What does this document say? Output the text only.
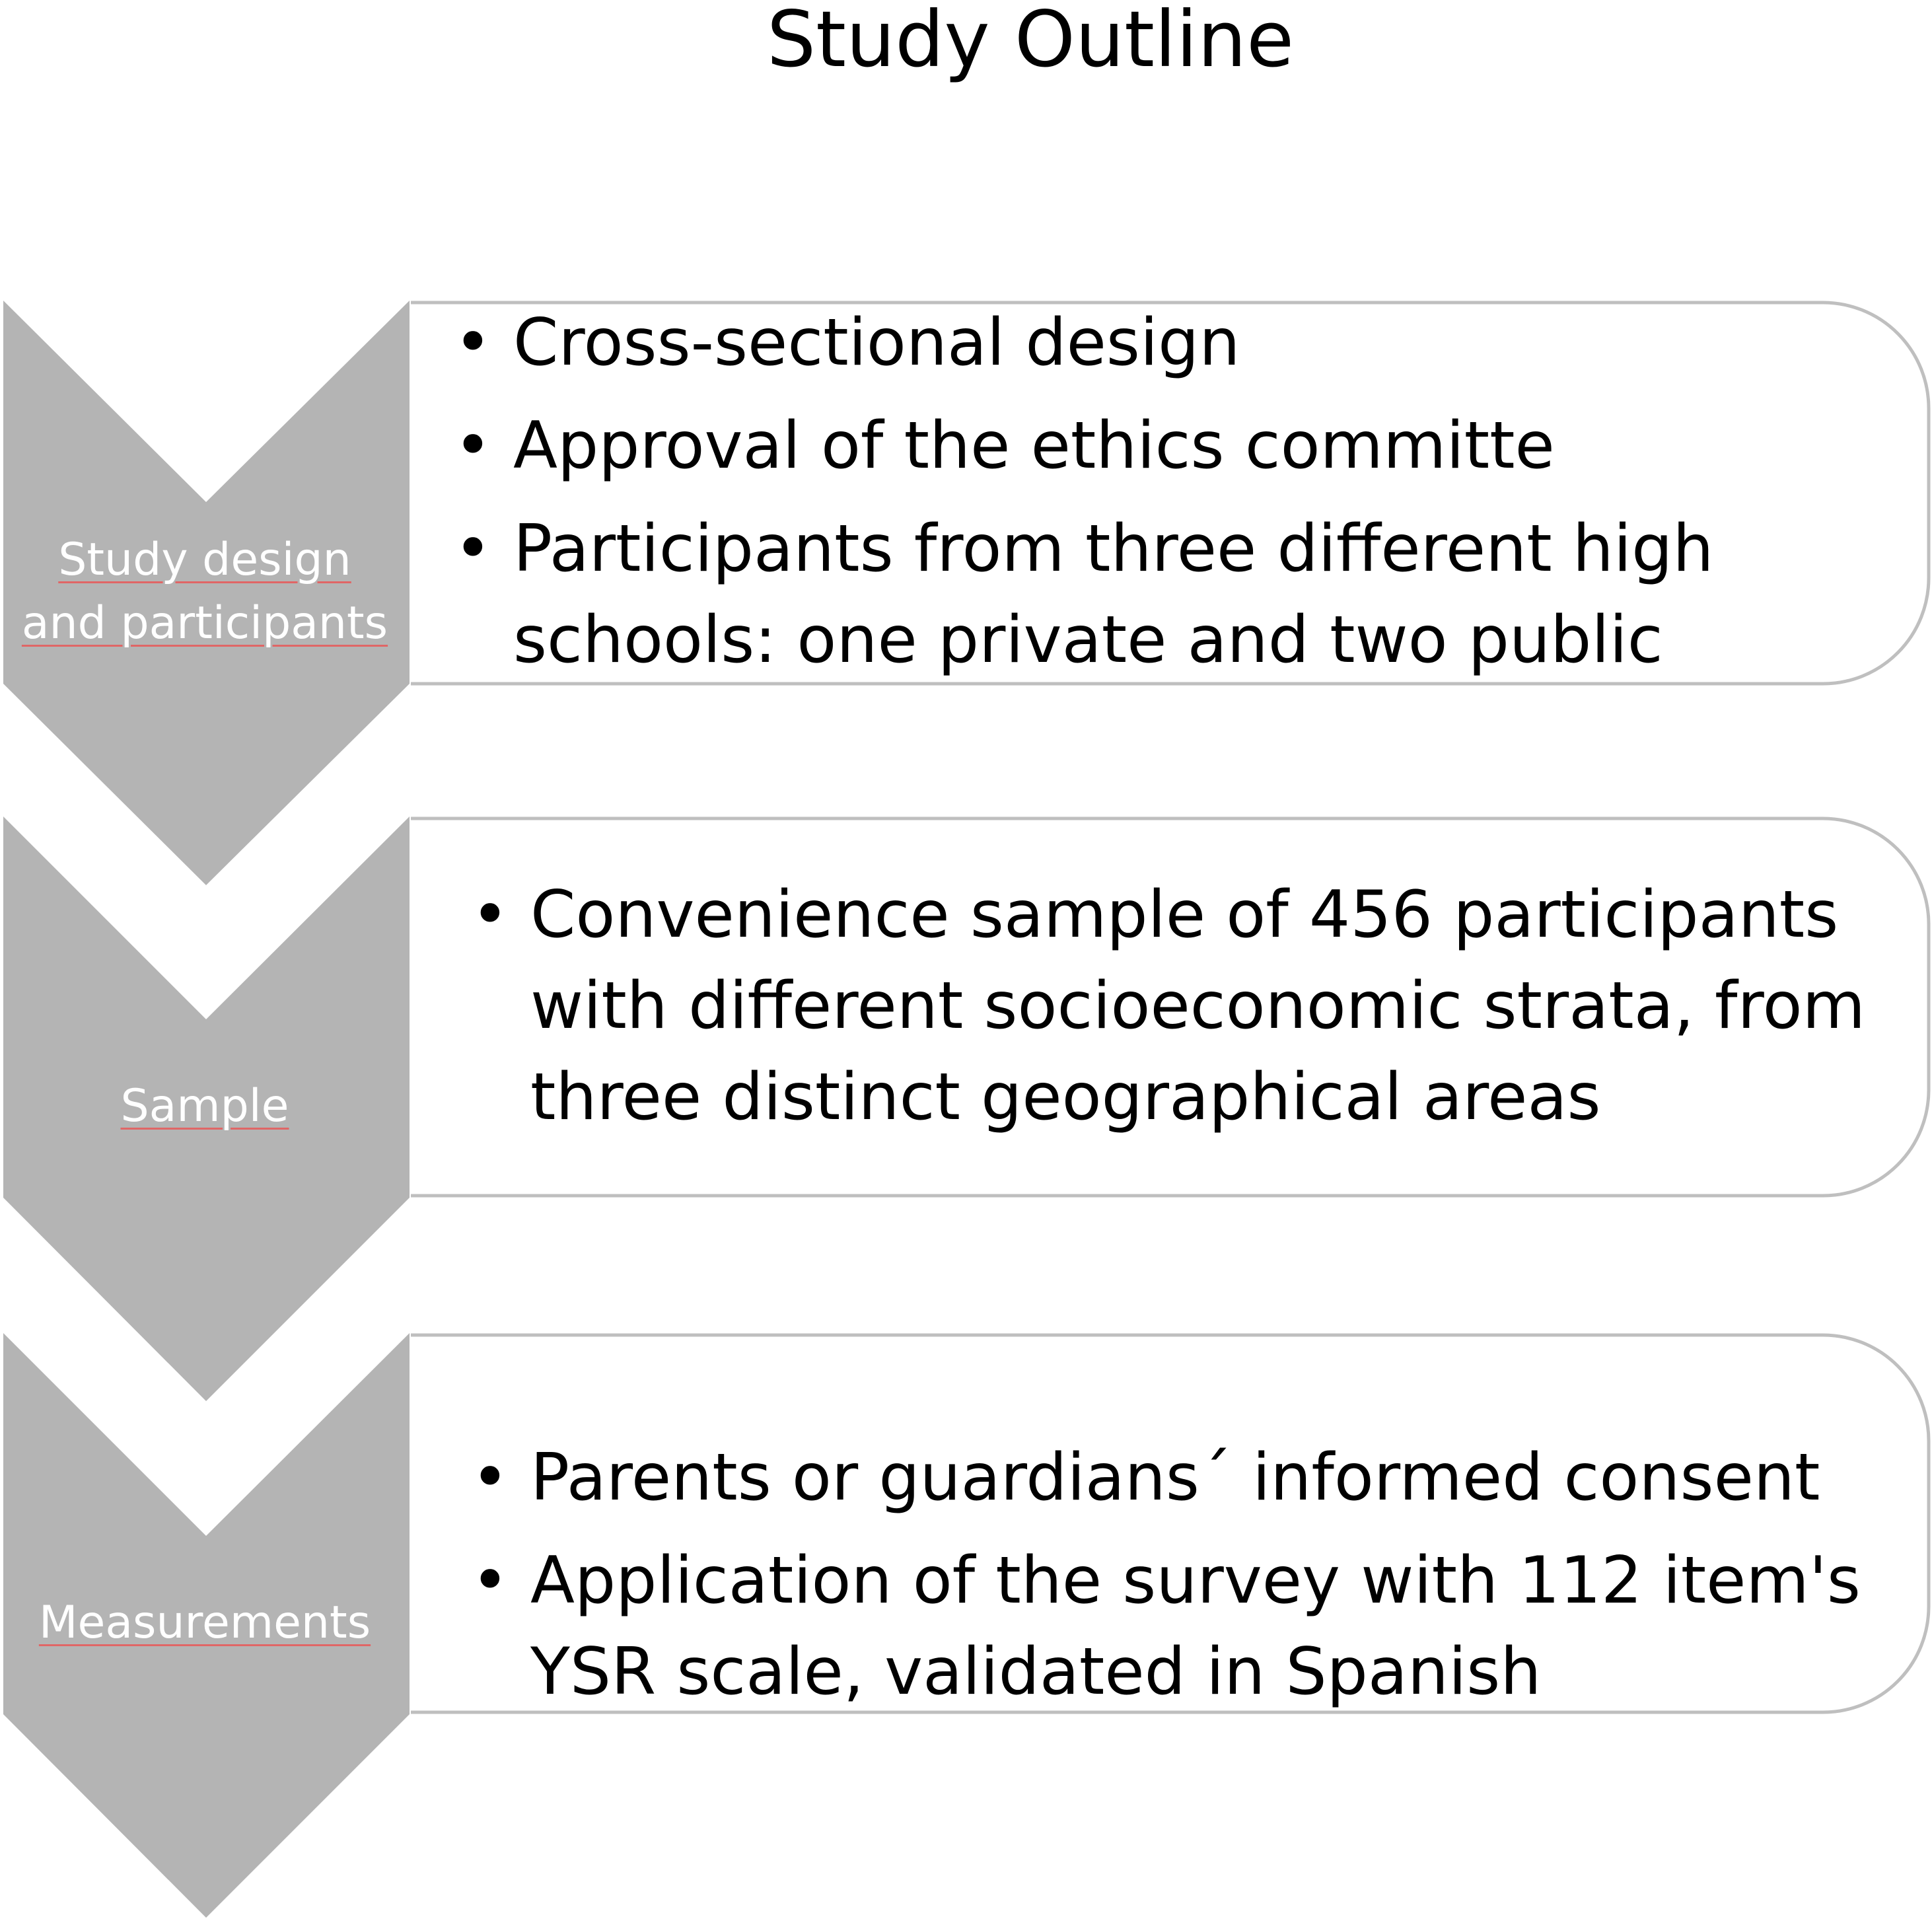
Study Outline
Study design
and participants
• Cross-sectional design
• Approval of the ethics committe
• Participants from three different high schools: one private and two public
Sample
• Convenience sample of 456 participants with different socioeconomic strata, from three distinct geographical areas
Measurements
• Parents or guardians´ informed consent
• Application of the survey with 112 item's YSR scale, validated in Spanish
